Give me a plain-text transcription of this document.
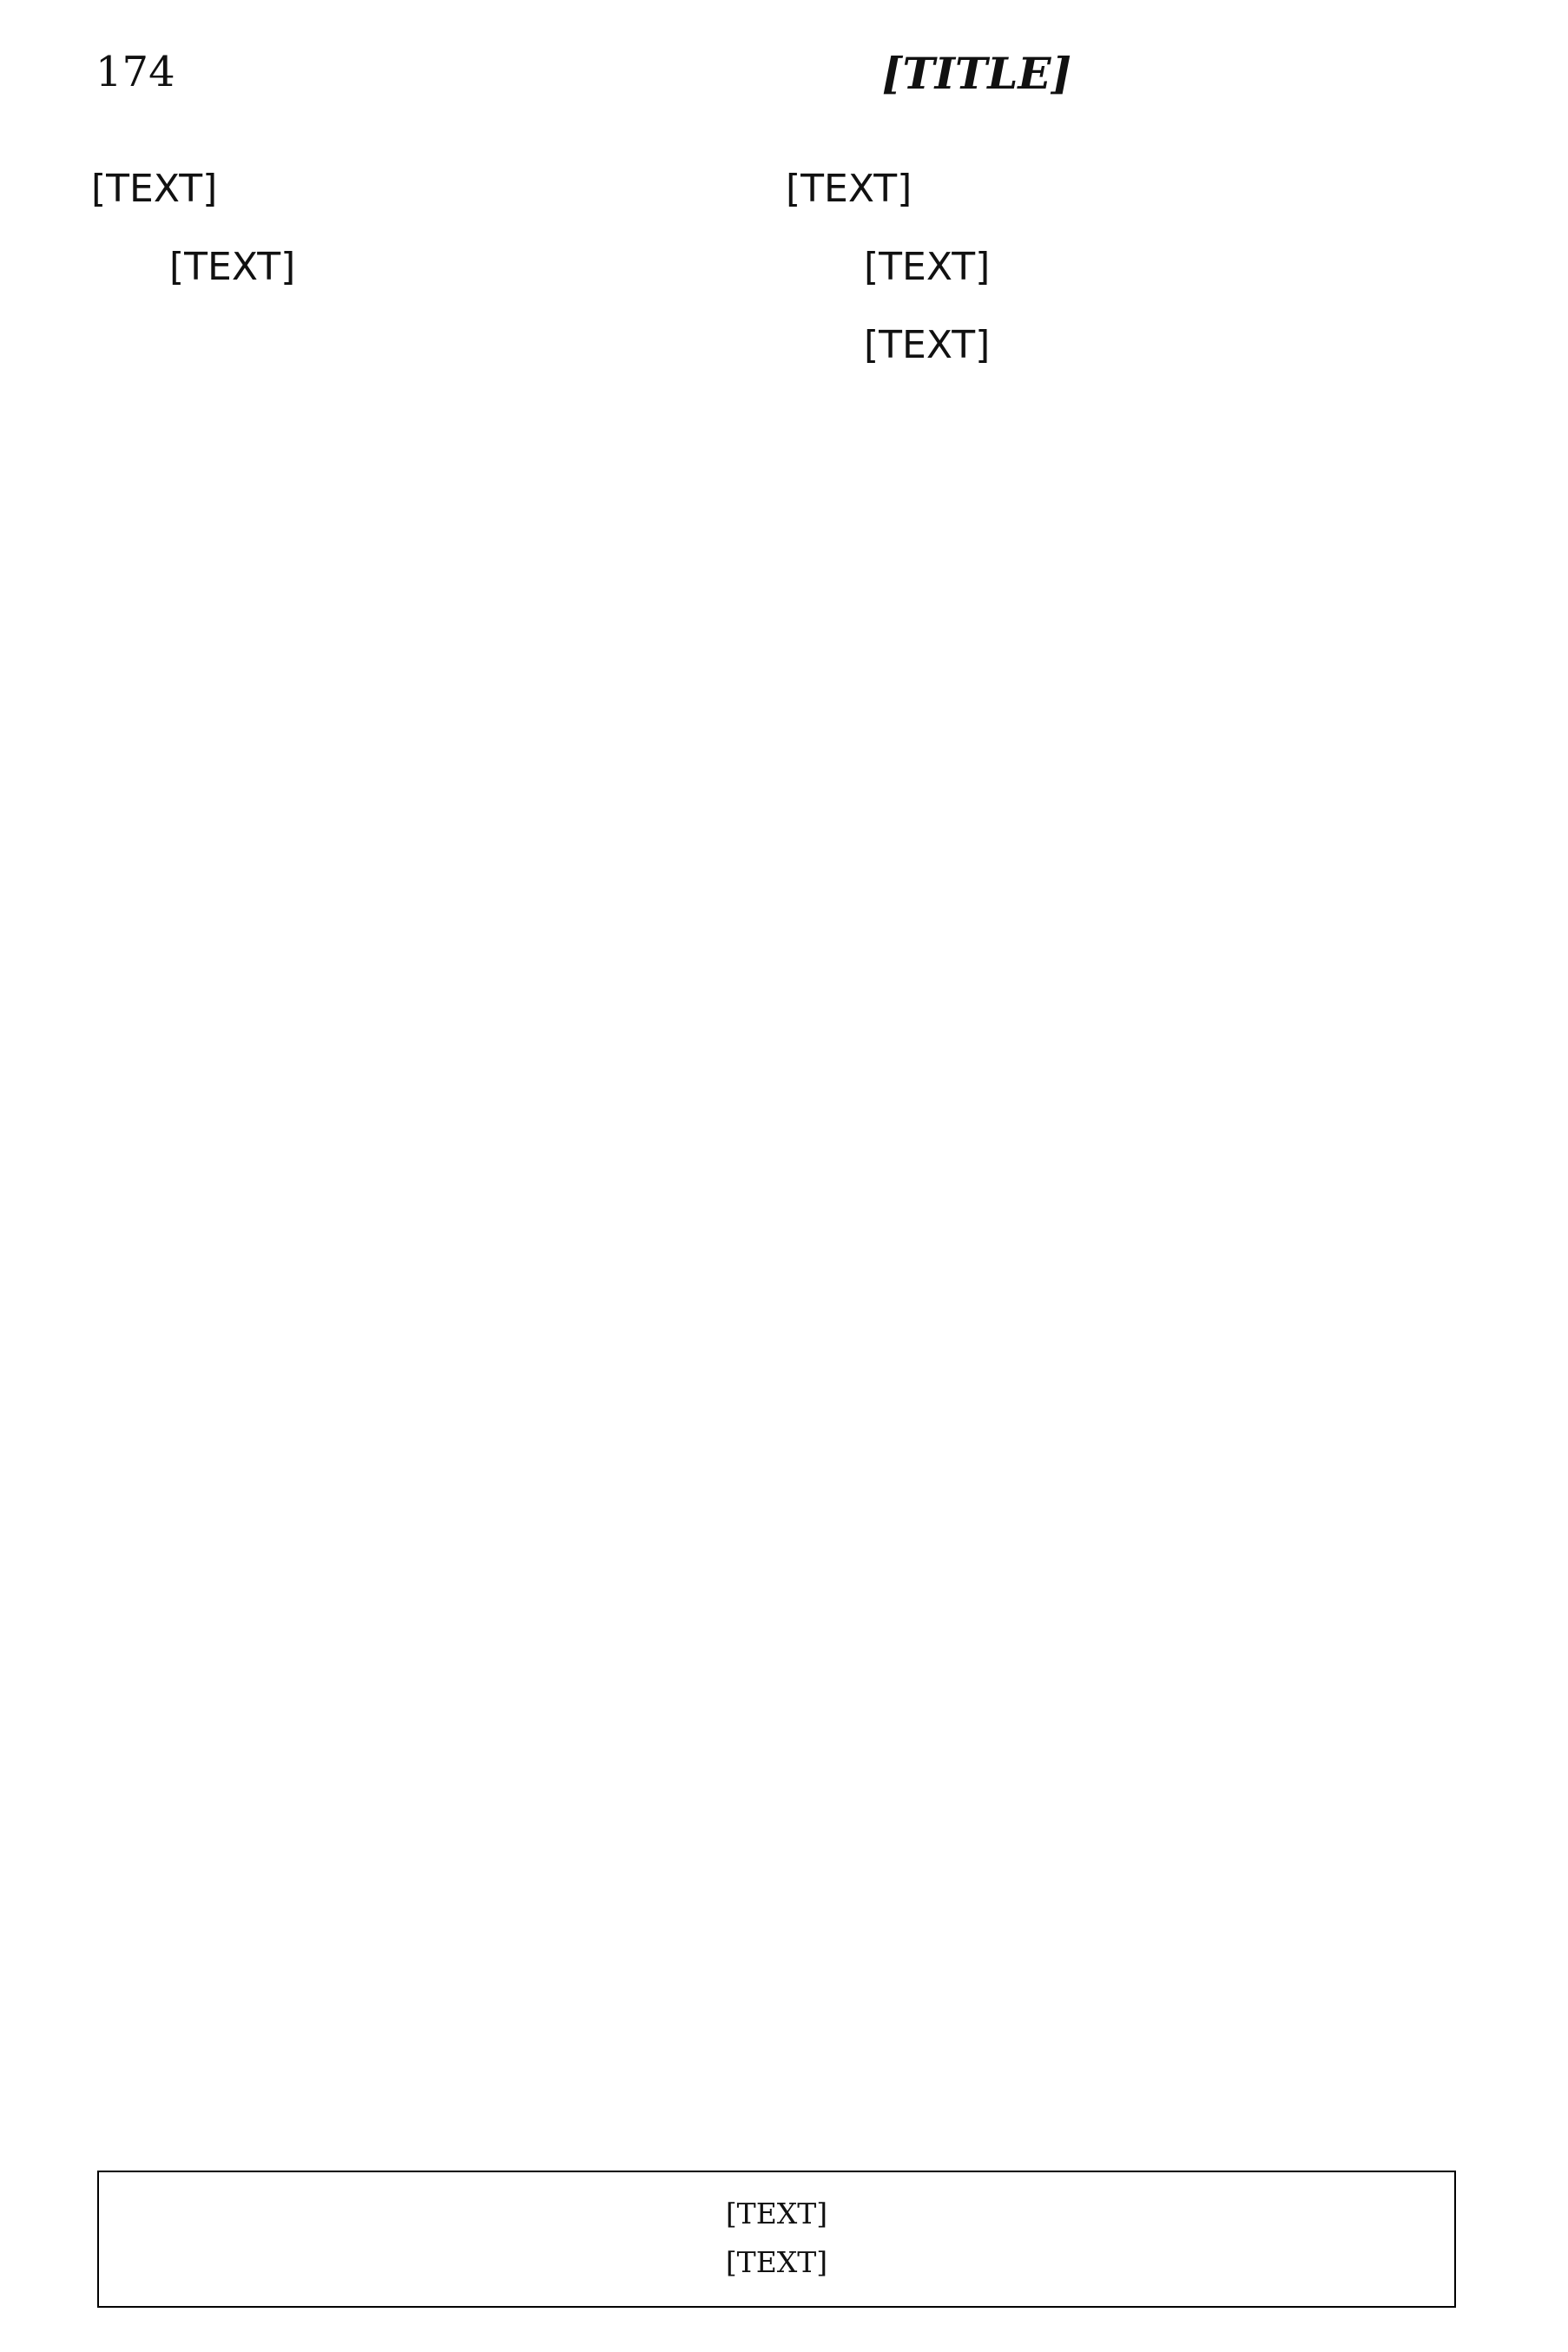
174	[TITLE]

[TEXT]

[TEXT]

[TEXT]

[TEXT]

[TEXT]

[TEXT]
[TEXT]
